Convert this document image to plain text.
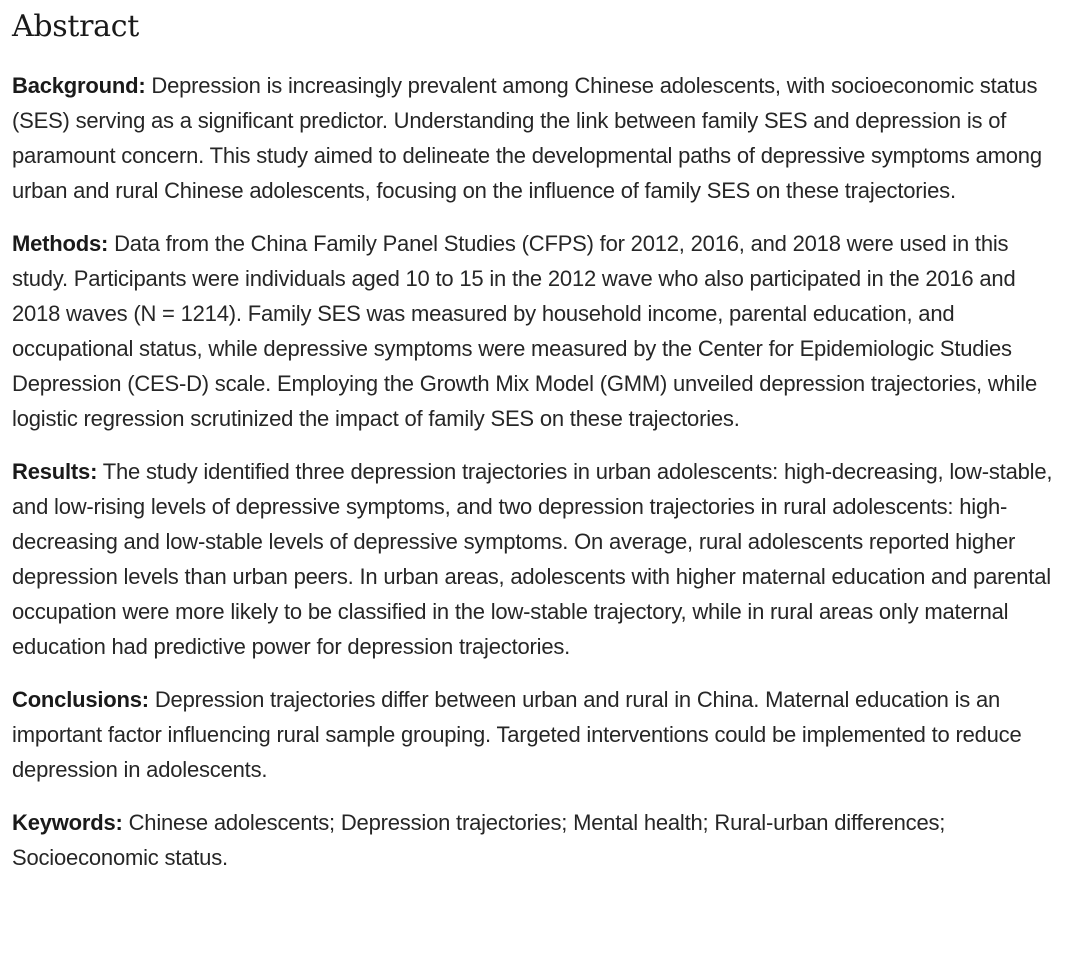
Abstract

Background: Depression is increasingly prevalent among Chinese adolescents, with socioeconomic status (SES) serving as a significant predictor. Understanding the link between family SES and depression is of paramount concern. This study aimed to delineate the developmental paths of depressive symptoms among urban and rural Chinese adolescents, focusing on the influence of family SES on these trajectories.

Methods: Data from the China Family Panel Studies (CFPS) for 2012, 2016, and 2018 were used in this study. Participants were individuals aged 10 to 15 in the 2012 wave who also participated in the 2016 and 2018 waves (N = 1214). Family SES was measured by household income, parental education, and occupational status, while depressive symptoms were measured by the Center for Epidemiologic Studies Depression (CES-D) scale. Employing the Growth Mix Model (GMM) unveiled depression trajectories, while logistic regression scrutinized the impact of family SES on these trajectories.

Results: The study identified three depression trajectories in urban adolescents: high-decreasing, low-stable, and low-rising levels of depressive symptoms, and two depression trajectories in rural adolescents: high-decreasing and low-stable levels of depressive symptoms. On average, rural adolescents reported higher depression levels than urban peers. In urban areas, adolescents with higher maternal education and parental occupation were more likely to be classified in the low-stable trajectory, while in rural areas only maternal education had predictive power for depression trajectories.

Conclusions: Depression trajectories differ between urban and rural in China. Maternal education is an important factor influencing rural sample grouping. Targeted interventions could be implemented to reduce depression in adolescents.

Keywords: Chinese adolescents; Depression trajectories; Mental health; Rural-urban differences; Socioeconomic status.
